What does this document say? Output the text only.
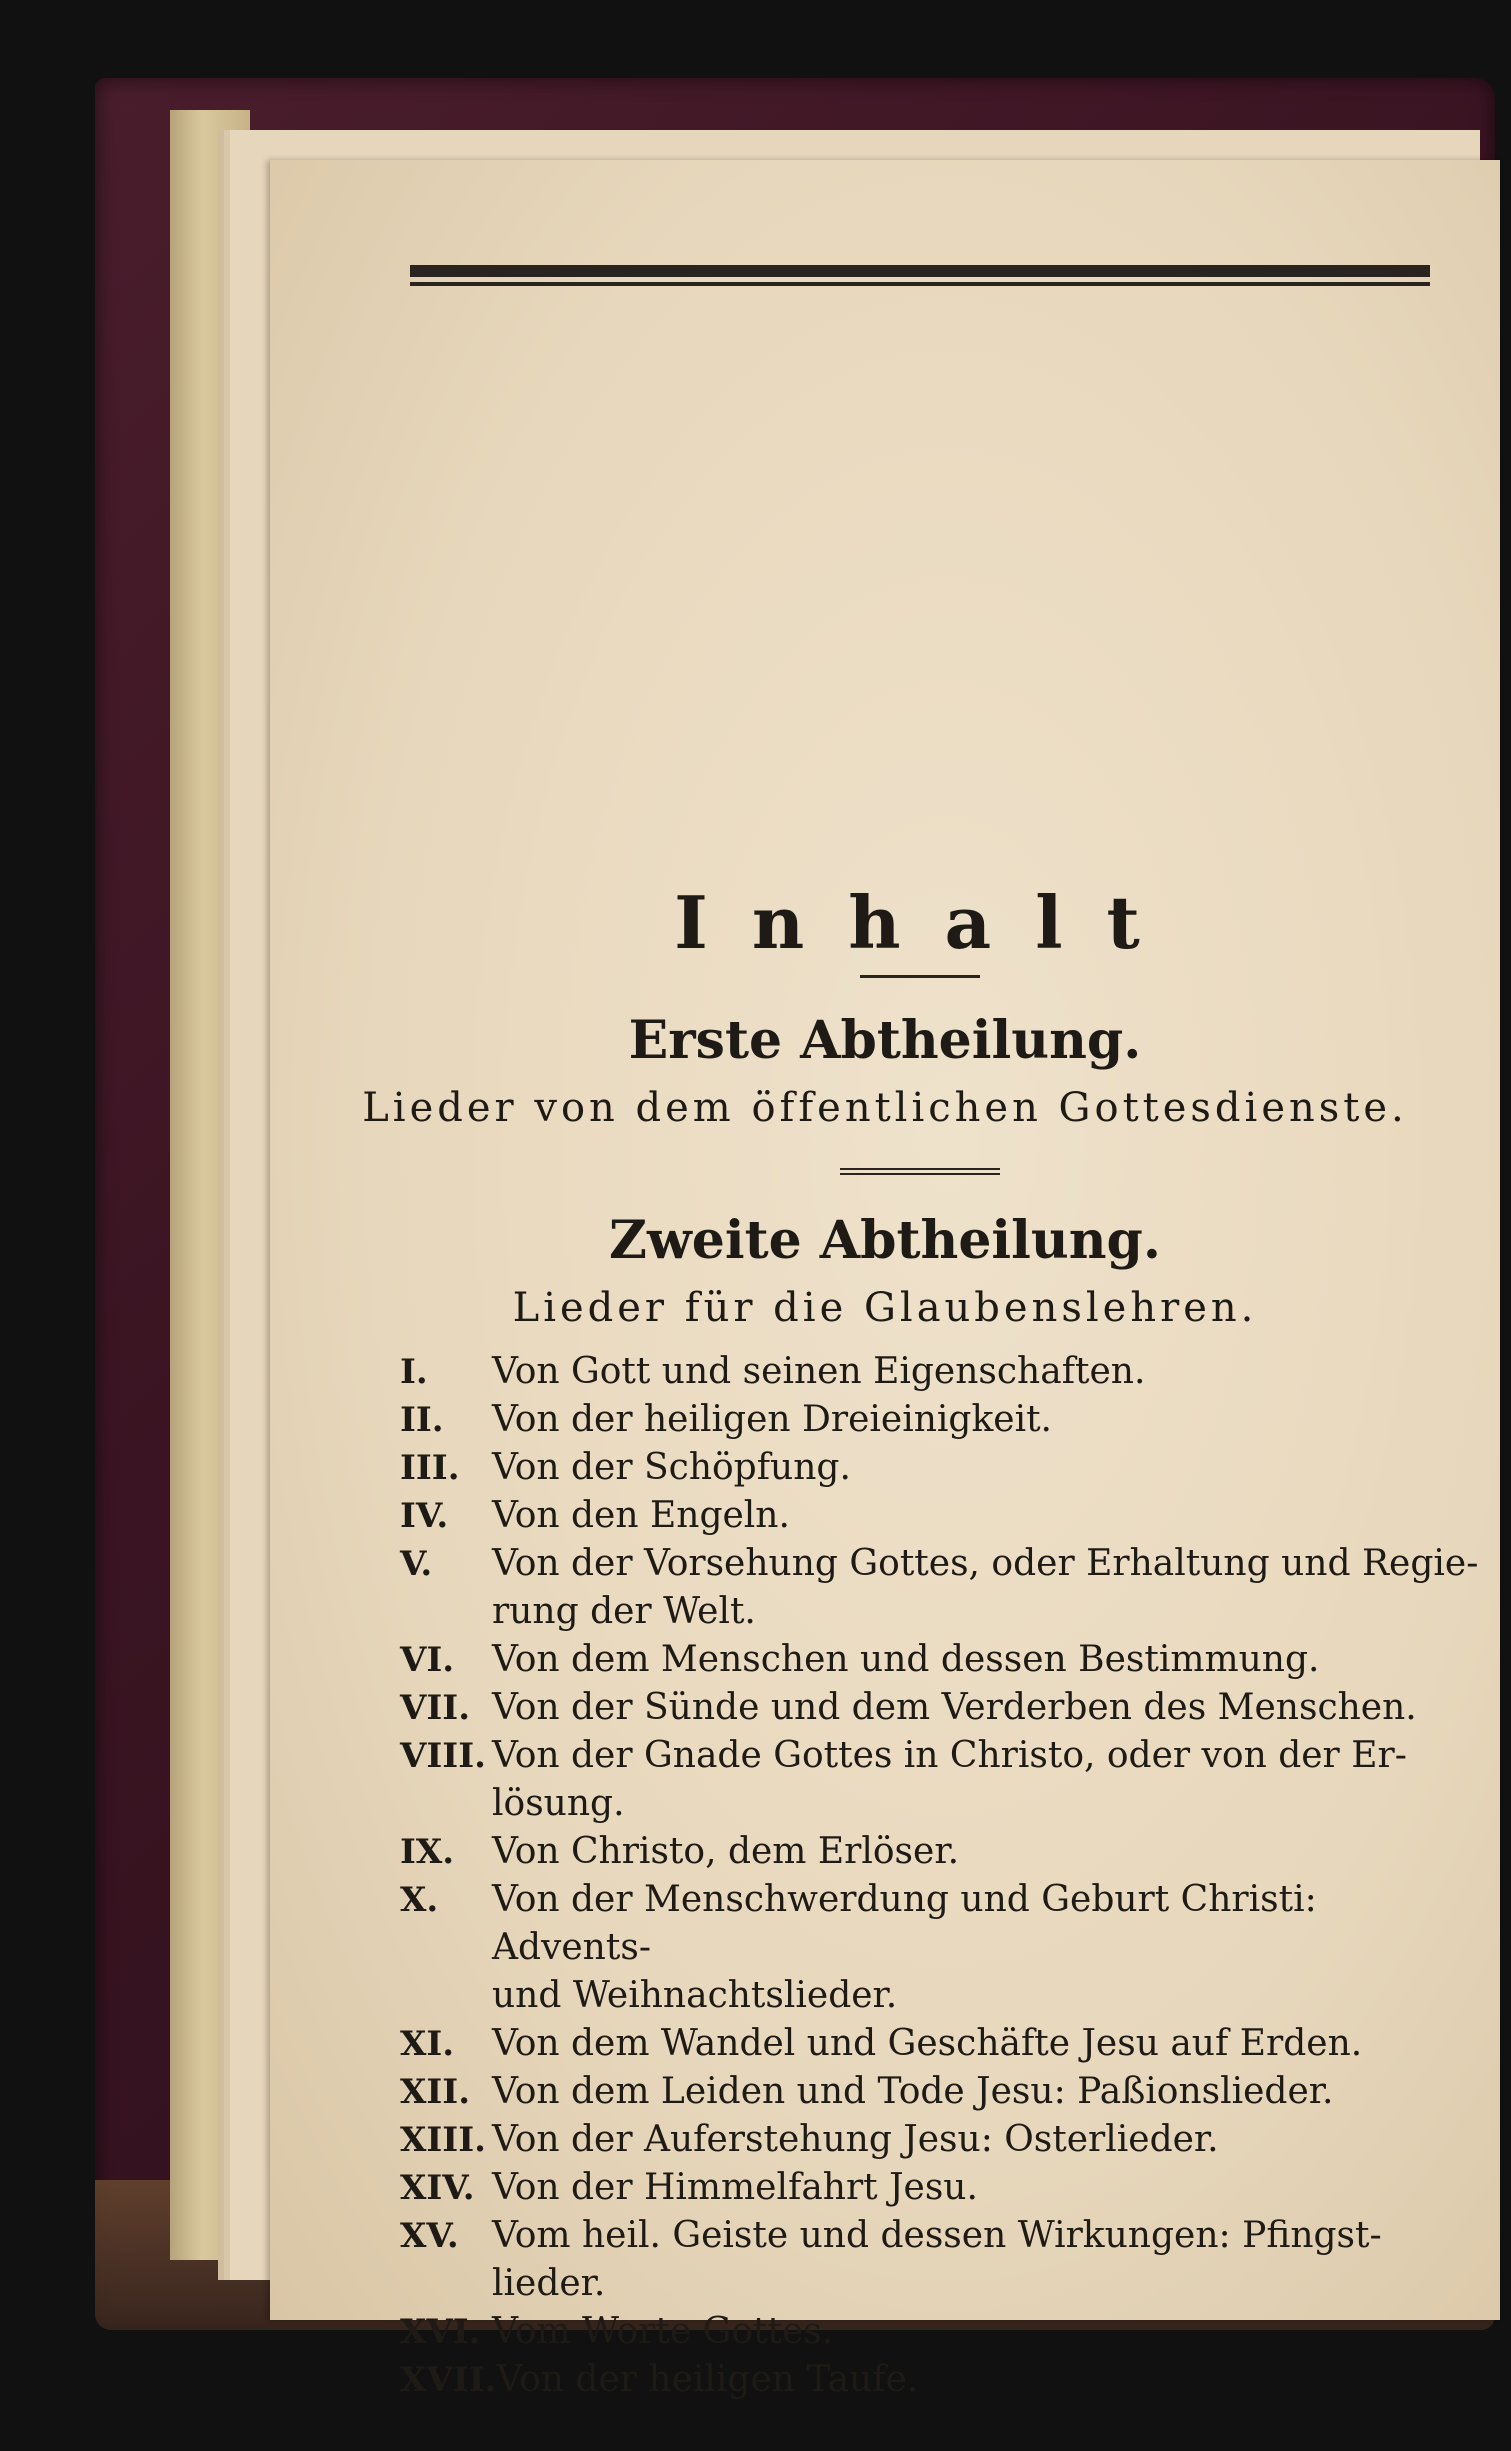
Inhalt
Erste Abtheilung.
Lieder von dem öffentlichen Gottesdienste.
Zweite Abtheilung.
Lieder für die Glaubenslehren.
I.	Von Gott und seinen Eigenschaften.
II.	Von der heiligen Dreieinigkeit.
III. Von der Schöpfung.
IV.	Von den Engeln.
V.	Von der Vorsehung Gottes, oder Erhaltung und Regie-
rung der Welt.
VI.	Von dem Menschen und dessen Bestimmung.
VII. Von der Sünde und dem Verderben des Menschen.
VIII. Von der Gnade Gottes in Christo, oder von der Er-
lösung.
IX.	Von Christo, dem Erlöser.
X.	Von der Menschwerdung und Geburt Christi: Advents-
und Weihnachtslieder.
XI.	Von dem Wandel und Geschäfte Jesu auf Erden.
XII. Von dem Leiden und Tode Jesu: Paßionslieder.
XIII. Von der Auferstehung Jesu: Osterlieder.
XIV. Von der Himmelfahrt Jesu.
XV. Vom heil. Geiste und dessen Wirkungen: Pfingst-
lieder.
XVI. Vom Worte Gottes.
XVII. Von der heiligen Taufe.
